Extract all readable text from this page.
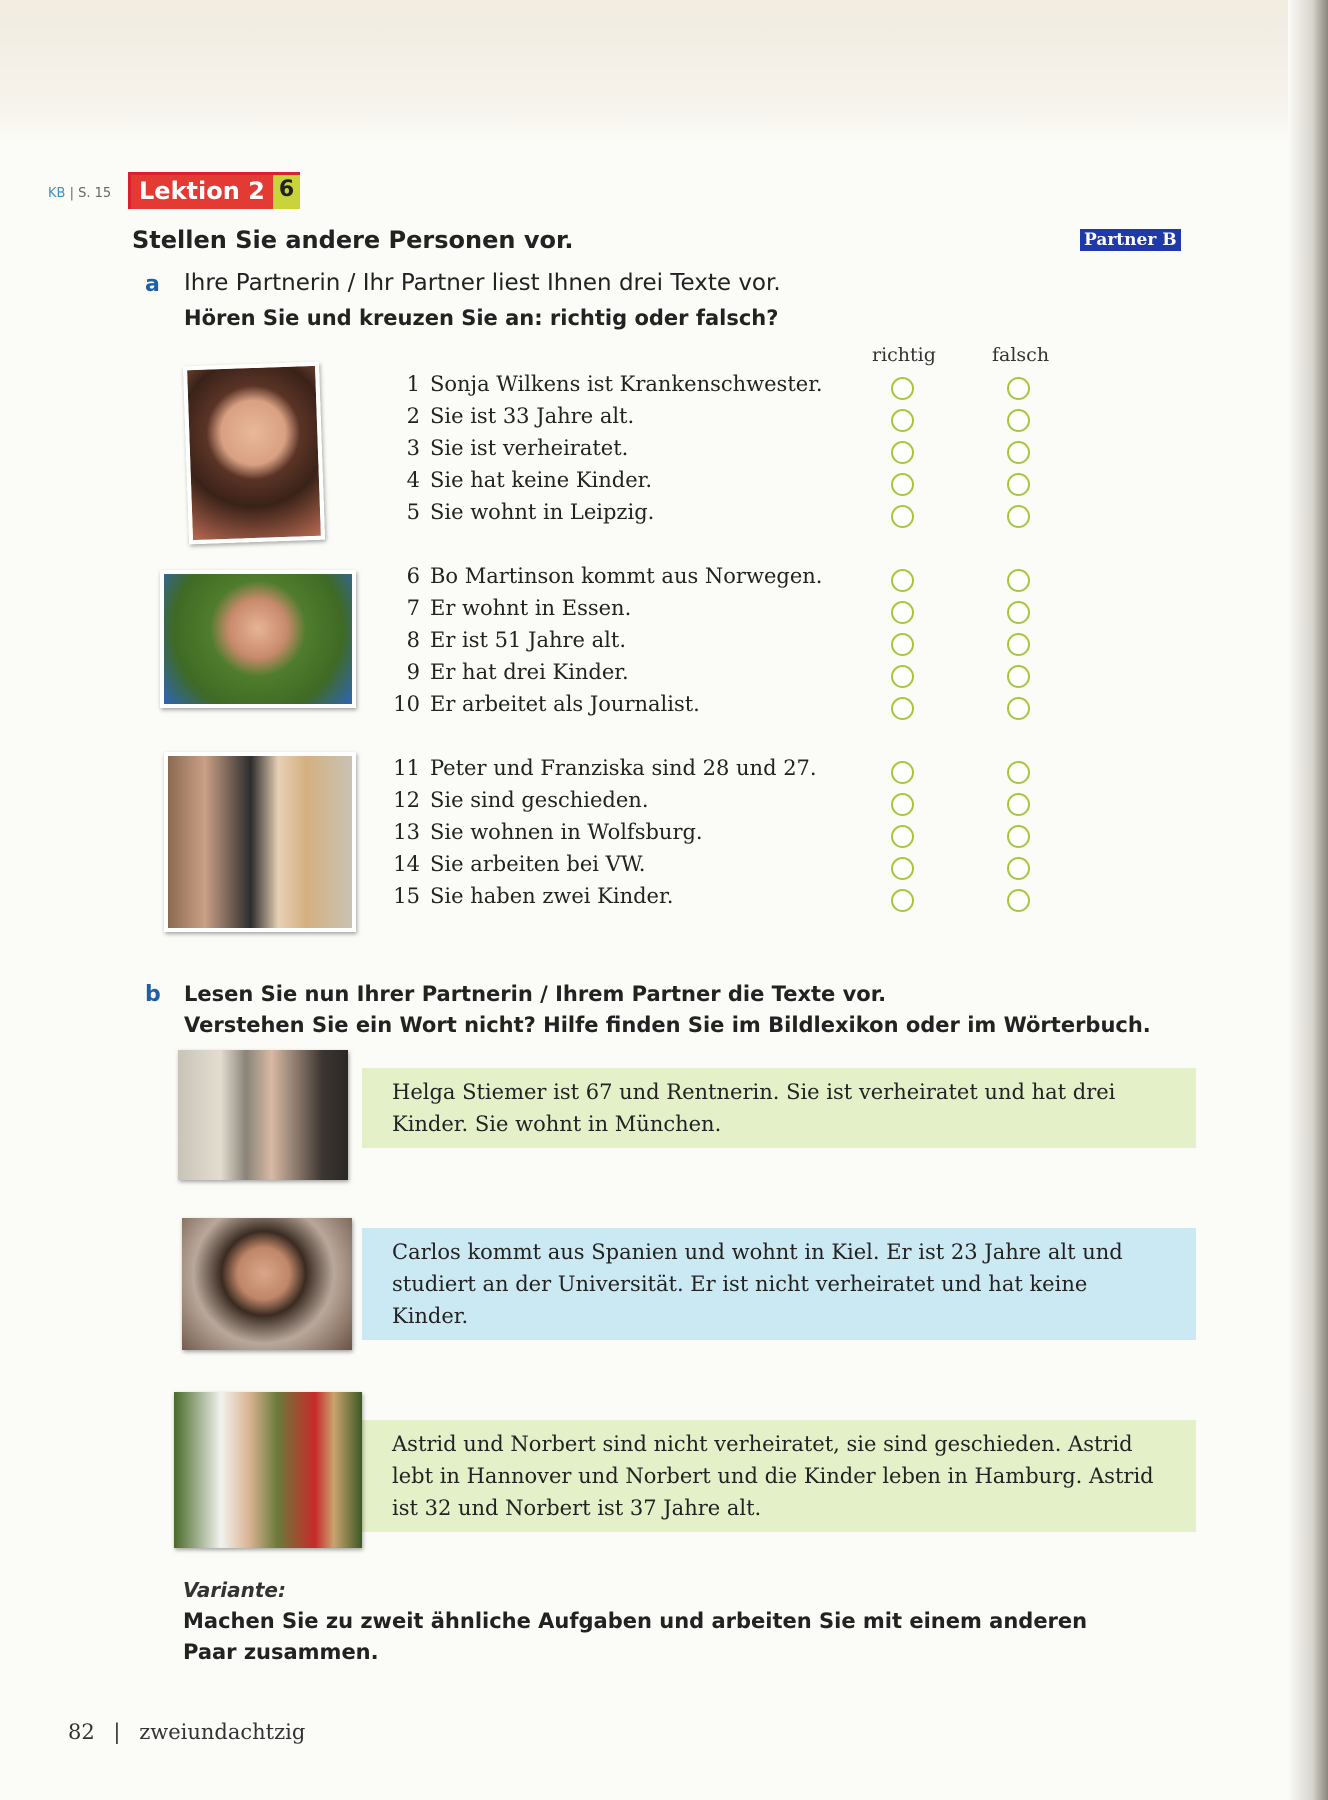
KB | S. 15	Lektion 2 6
Stellen Sie andere Personen vor.	Partner B
a Ihre Partnerin / Ihr Partner liest Ihnen drei Texte vor.
Hören Sie und kreuzen Sie an: richtig oder falsch?
richtig	falsch
1 Sonja Wilkens ist Krankenschwester.
2 Sie ist 33 Jahre alt.
3 Sie ist verheiratet.
4 Sie hat keine Kinder.
5 Sie wohnt in Leipzig.
6 Bo Martinson kommt aus Norwegen.
7 Er wohnt in Essen.
8 Er ist 51 Jahre alt.
9 Er hat drei Kinder.
10 Er arbeitet als Journalist.
11 Peter und Franziska sind 28 und 27.
12 Sie sind geschieden.
13 Sie wohnen in Wolfsburg.
14 Sie arbeiten bei VW.
15 Sie haben zwei Kinder.
b Lesen Sie nun Ihrer Partnerin / Ihrem Partner die Texte vor.
Verstehen Sie ein Wort nicht? Hilfe finden Sie im Bildlexikon oder im Wörterbuch.
Helga Stiemer ist 67 und Rentnerin. Sie ist verheiratet und hat drei Kinder. Sie wohnt in München.
Carlos kommt aus Spanien und wohnt in Kiel. Er ist 23 Jahre alt und studiert an der Universität. Er ist nicht verheiratet und hat keine Kinder.
Astrid und Norbert sind nicht verheiratet, sie sind geschieden. Astrid lebt in Hannover und Norbert und die Kinder leben in Hamburg. Astrid ist 32 und Norbert ist 37 Jahre alt.
Variante:
Machen Sie zu zweit ähnliche Aufgaben und arbeiten Sie mit einem anderen Paar zusammen.
82 | zweiundachtzig
